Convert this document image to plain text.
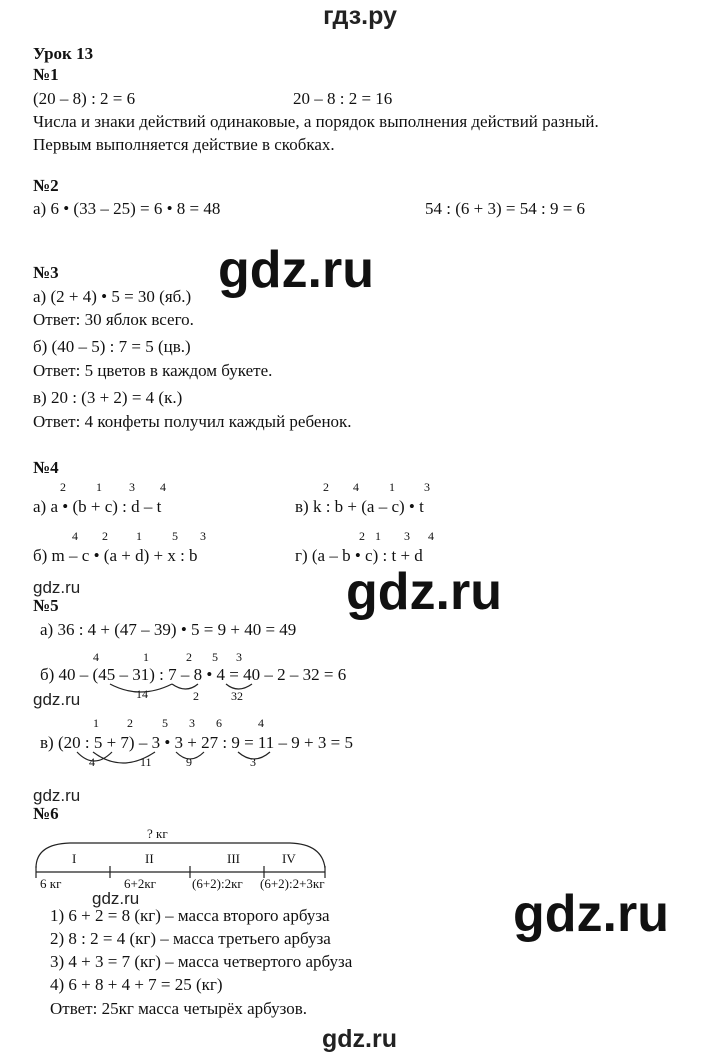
гдз.ру
Урок 13
№1
(20 – 8) : 2 = 6	20 – 8 : 2 = 16
Числа и знаки действий одинаковые, а порядок выполнения действий разный.
Первым выполняется действие в скобках.
№2
а) 6 • (33 – 25) = 6 • 8 = 48	54 : (6 + 3) = 54 : 9 = 6
gdz.ru
№3
а) (2 + 4) • 5 = 30 (яб.)
Ответ: 30 яблок всего.
б) (40 – 5) : 7 = 5 (цв.)
Ответ: 5 цветов в каждом букете.
в) 20 : (3 + 2) = 4 (к.)
Ответ: 4 конфеты получил каждый ребенок.
№4
2	1 3 4
а) a • (b + c) : d – t
2 4	1 3
в) k : b + (a – c) • t
4 2 1	5 3
б) m – c • (a + d) + x : b
2 1 3 4
г) (a – b • c) : t + d
gdz.ru	gdz.ru
№5
а) 36 : 4 + (47 – 39) • 5 = 9 + 40 = 49
4	1	2 5 3
б) 40 – (45 – 31) : 7 – 8 • 4 = 40 – 2 – 32 = 6
14	2	32
gdz.ru
1 2 5 3 6	4
в) (20 : 5 + 7) – 3 • 3 + 27 : 9 = 11 – 9 + 3 = 5
4	11	9	3
gdz.ru
№6
? кг
I	II	III	IV
6 кг	6+2кг	(6+2):2кг (6+2):2+3кг
gdz.ru
1) 6 + 2 = 8 (кг) – масса второго арбуза
2) 8 : 2 = 4 (кг) – масса третьего арбуза
3) 4 + 3 = 7 (кг) – масса четвертого арбуза
4) 6 + 8 + 4 + 7 = 25 (кг)
Ответ: 25кг масса четырёх арбузов.
gdz.ru
gdz.ru
